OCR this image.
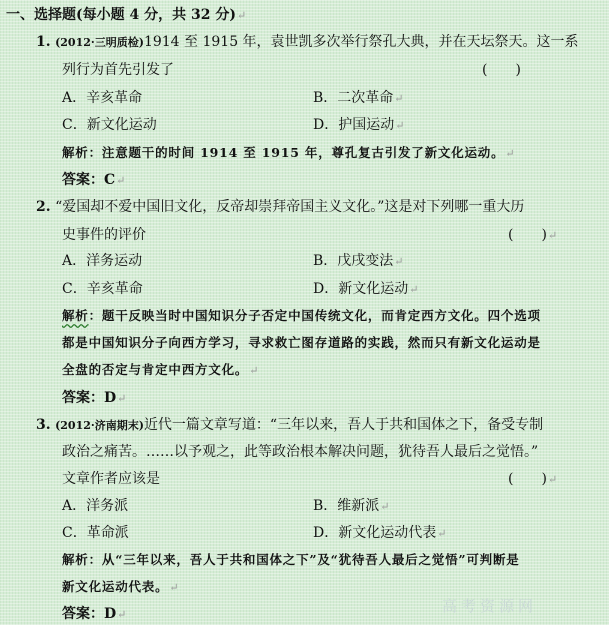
一、选择题(每小题 4 分，共 32 分)↵
1. (2012·三明质检)1914 至 1915 年，袁世凯多次举行祭孔大典，并在天坛祭天。这一系
列行为首先引发了	(　　)
A．辛亥革命	B．二次革命↵
C．新文化运动	D．护国运动↵
解析：注意题干的时间 1914 至 1915 年，尊孔复古引发了新文化运动。↵
答案：C↵
2. “爱国却不爱中国旧文化，反帝却崇拜帝国主义文化。”这是对下列哪一重大历
史事件的评价	(　　)↵
A．洋务运动	B．戊戌变法↵
C．辛亥革命	D．新文化运动↵
解析：题干反映当时中国知识分子否定中国传统文化，而肯定西方文化。四个选项
都是中国知识分子向西方学习，寻求救亡图存道路的实践，然而只有新文化运动是
全盘的否定与肯定中西方文化。↵
答案：D↵
3. (2012·济南期末)近代一篇文章写道：“三年以来，吾人于共和国体之下，备受专制
政治之痛苦。……以予观之，此等政治根本解决问题，犹待吾人最后之觉悟。”
文章作者应该是	(　　)↵
A．洋务派	B．维新派↵
C．革命派	D．新文化运动代表↵
解析：从“三年以来，吾人于共和国体之下”及“犹待吾人最后之觉悟”可判断是
新文化运动代表。↵
答案：D↵	高考资源网
